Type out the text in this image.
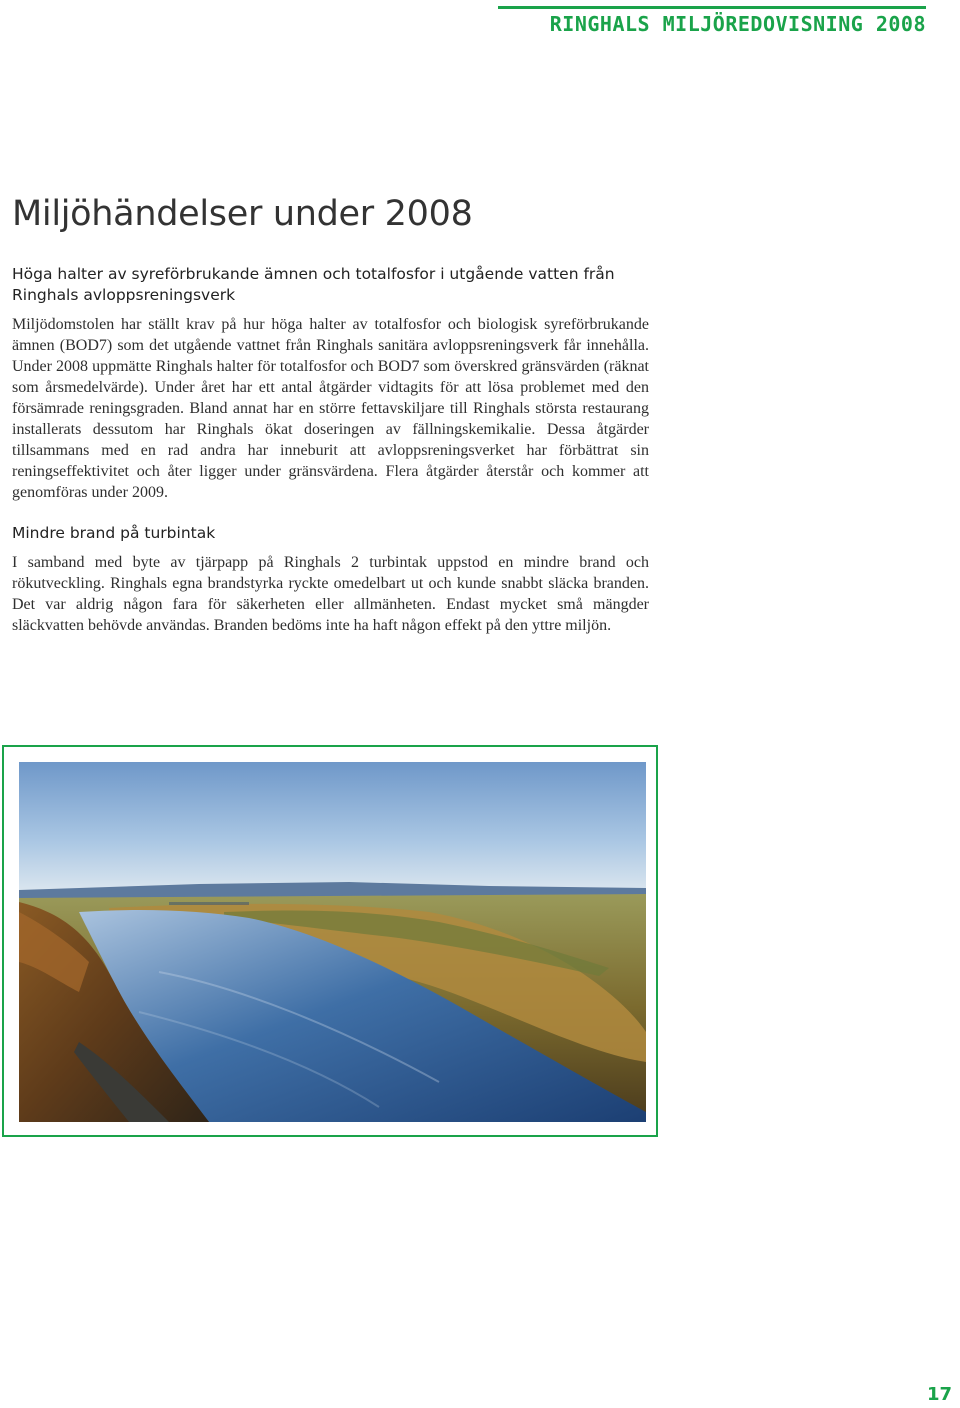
RINGHALS MILJÖREDOVISNING 2008
Miljöhändelser under 2008
Höga halter av syreförbrukande ämnen och totalfosfor i utgående vatten från Ringhals avloppsreningsverk

Miljödomstolen har ställt krav på hur höga halter av totalfosfor och biologisk syreförbrukande ämnen (BOD7) som det utgående vattnet från Ringhals sanitära avloppsreningsverk får innehålla. Under 2008 uppmätte Ringhals halter för totalfosfor och BOD7 som överskred gränsvärden (räknat som årsmedelvärde). Under året har ett antal åtgärder vidtagits för att lösa problemet med den försämrade reningsgraden. Bland annat har en större fettavskiljare till Ringhals största restaurang installerats dessutom har Ringhals ökat doseringen av fällningskemikalie. Dessa åtgärder tillsammans med en rad andra har inneburit att avloppsreningsverket har förbättrat sin reningseffektivitet och åter ligger under gränsvärdena. Flera åtgärder återstår och kommer att genomföras under 2009.

Mindre brand på turbintak

I samband med byte av tjärpapp på Ringhals 2 turbintak uppstod en mindre brand och rökutveckling. Ringhals egna brandstyrka ryckte omedelbart ut och kunde snabbt släcka branden. Det var aldrig någon fara för säkerheten eller allmänheten. Endast mycket små mängder släckvatten behövde användas. Branden bedöms inte ha haft någon effekt på den yttre miljön.

17
